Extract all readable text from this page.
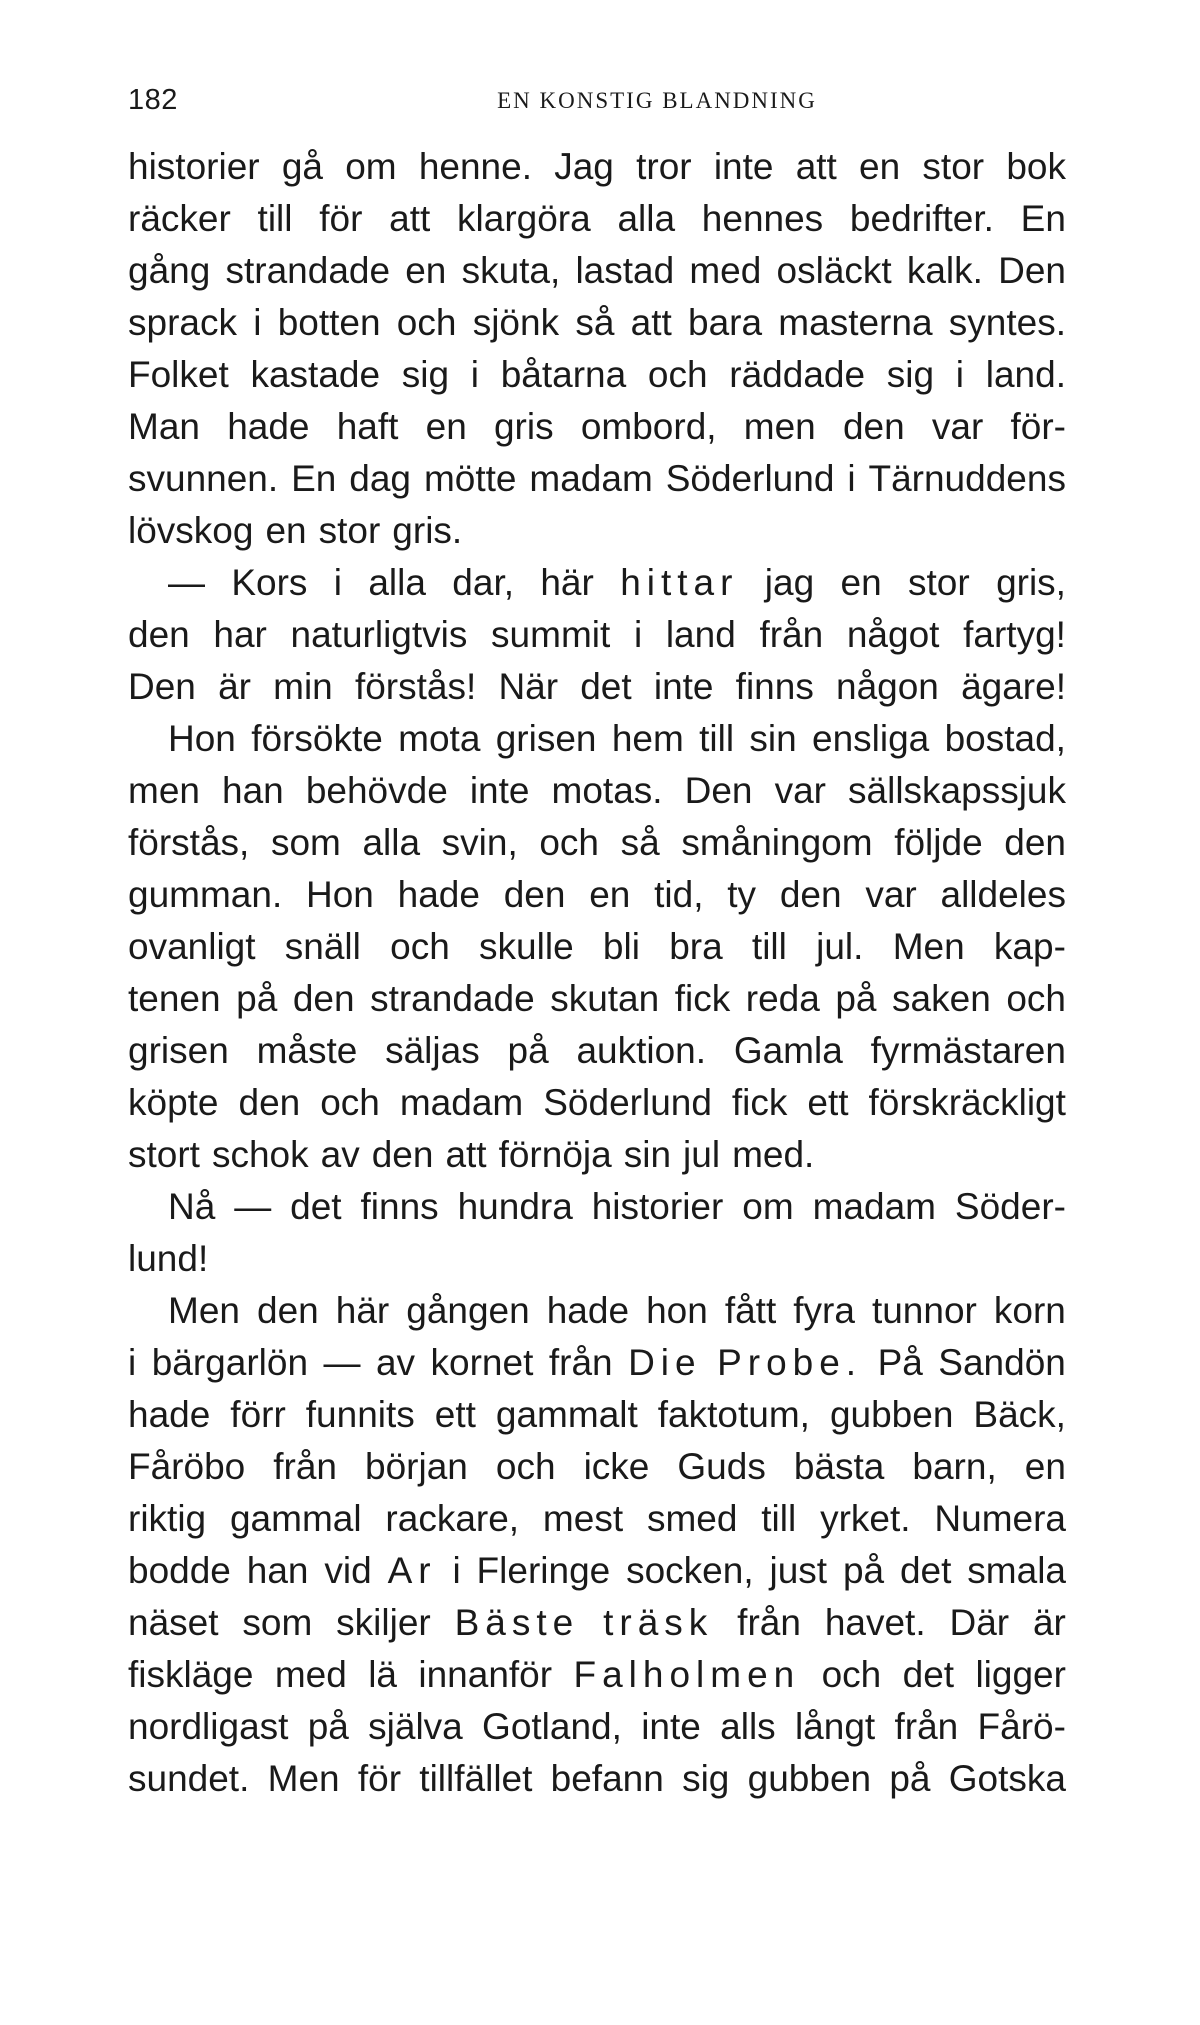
182	EN KONSTIG BLANDNING
historier gå om henne. Jag tror inte att en stor bok
räcker till för att klargöra alla hennes bedrifter. En
gång strandade en skuta, lastad med osläckt kalk. Den
sprack i botten och sjönk så att bara masterna syntes.
Folket kastade sig i båtarna och räddade sig i land.
Man hade haft en gris ombord, men den var för-
svunnen. En dag mötte madam Söderlund i Tärnuddens
lövskog en stor gris.
— Kors i alla dar, här hittar jag en stor gris,
den har naturligtvis summit i land från något fartyg!
Den är min förstås! När det inte finns någon ägare!
Hon försökte mota grisen hem till sin ensliga bostad,
men han behövde inte motas. Den var sällskapssjuk
förstås, som alla svin, och så småningom följde den
gumman. Hon hade den en tid, ty den var alldeles
ovanligt snäll och skulle bli bra till jul. Men kap-
tenen på den strandade skutan fick reda på saken och
grisen måste säljas på auktion. Gamla fyrmästaren
köpte den och madam Söderlund fick ett förskräckligt
stort schok av den att förnöja sin jul med.
Nå — det finns hundra historier om madam Söder-
lund!
Men den här gången hade hon fått fyra tunnor korn
i bärgarlön — av kornet från Die Probe. På Sandön
hade förr funnits ett gammalt faktotum, gubben Bäck,
Fåröbo från början och icke Guds bästa barn, en
riktig gammal rackare, mest smed till yrket. Numera
bodde han vid Ar i Fleringe socken, just på det smala
näset som skiljer Bäste träsk från havet. Där är
fiskläge med lä innanför Falholmen och det ligger
nordligast på själva Gotland, inte alls långt från Fårö-
sundet. Men för tillfället befann sig gubben på Gotska
